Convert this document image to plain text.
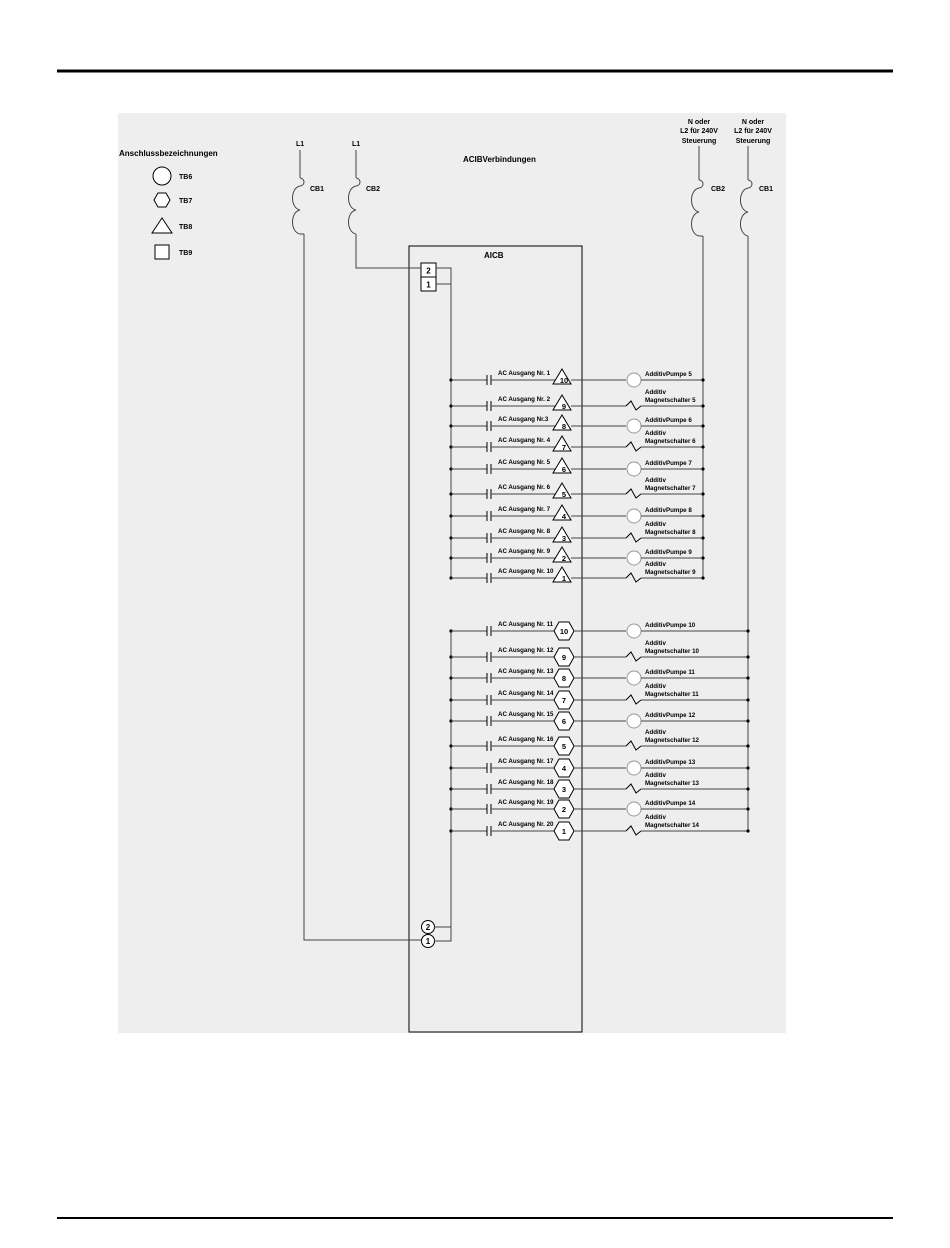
Anschlussbezeichnungen
TB6
TB7
TB8
TB9
ACIBVerbindungen
L1
CB1
L1
CB2
N oder
L2 für 240V
Steuerung
CB2
N oder
L2 für 240V
Steuerung
CB1
AICB
2
1
2
1
AC Ausgang Nr. 1
10
AdditivPumpe 5
AC Ausgang Nr. 2
9
Additiv
Magnetschalter 5
AC Ausgang Nr.3
8
AdditivPumpe 6
AC Ausgang Nr. 4
7
Additiv
Magnetschalter 6
AC Ausgang Nr. 5
6
AdditivPumpe 7
AC Ausgang Nr. 6
5
Additiv
Magnetschalter 7
AC Ausgang Nr. 7
4
AdditivPumpe 8
AC Ausgang Nr. 8
3
Additiv
Magnetschalter 8
AC Ausgang Nr. 9
2
AdditivPumpe 9
AC Ausgang Nr. 10
1
Additiv
Magnetschalter 9
AC Ausgang Nr. 11
10
AdditivPumpe 10
AC Ausgang Nr. 12
9
Additiv
Magnetschalter 10
AC Ausgang Nr. 13
8
AdditivPumpe 11
AC Ausgang Nr. 14
7
Additiv
Magnetschalter 11
AC Ausgang Nr. 15
6
AdditivPumpe 12
AC Ausgang Nr. 16
5
Additiv
Magnetschalter 12
AC Ausgang Nr. 17
4
AdditivPumpe 13
AC Ausgang Nr. 18
3
Additiv
Magnetschalter 13
AC Ausgang Nr. 19
2
AdditivPumpe 14
AC Ausgang Nr. 20
1
Additiv
Magnetschalter 14
